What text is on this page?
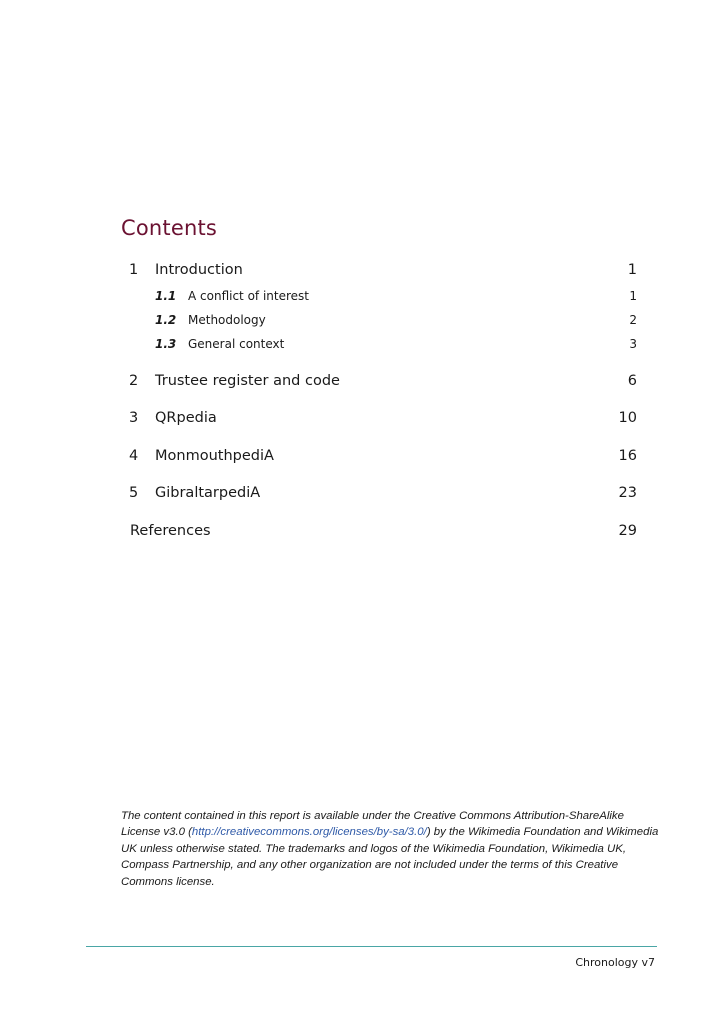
Contents
1 Introduction	1
1.1 A conflict of interest	1
1.2 Methodology	2
1.3 General context	3
2 Trustee register and code	6
3 QRpedia	10
4 MonmouthpediA	16
5 GibraltarpediA	23
References	29
The content contained in this report is available under the Creative Commons Attribution-ShareAlike License v3.0 (http://creativecommons.org/licenses/by-sa/3.0/) by the Wikimedia Foundation and Wikimedia UK unless otherwise stated. The trademarks and logos of the Wikimedia Foundation, Wikimedia UK, Compass Partnership, and any other organization are not included under the terms of this Creative Commons license.
Chronology v7
